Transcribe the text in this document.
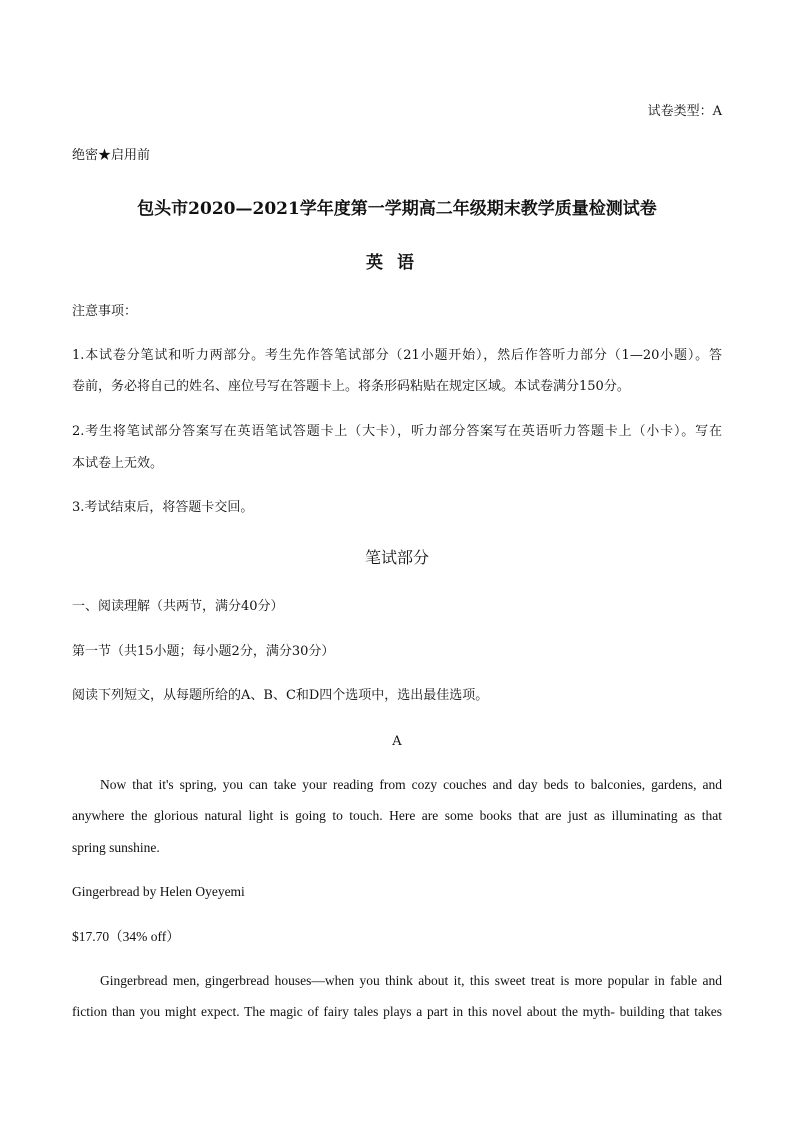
试卷类型：A
绝密★启用前
包头市2020—2021学年度第一学期高二年级期末教学质量检测试卷
英语
注意事项：
1.本试卷分笔试和听力两部分。考生先作答笔试部分（21小题开始），然后作答听力部分（1—20小题）。答
卷前，务必将自己的姓名、座位号写在答题卡上。将条形码粘贴在规定区域。本试卷满分150分。
2.考生将笔试部分答案写在英语笔试答题卡上（大卡），听力部分答案写在英语听力答题卡上（小卡）。写在
本试卷上无效。
3.考试结束后，将答题卡交回。
笔试部分
一、阅读理解（共两节，满分40分）
第一节（共15小题；每小题2分，满分30分）
阅读下列短文，从每题所给的A、B、C和D四个选项中，选出最佳选项。
A
Now that it's spring, you can take your reading from cozy couches and day beds to balconies, gardens, and
anywhere the glorious natural light is going to touch. Here are some books that are just as illuminating as that
spring sunshine.
Gingerbread by Helen Oyeyemi
$17.70（34% off）
Gingerbread men, gingerbread houses—when you think about it, this sweet treat is more popular in fable and
fiction than you might expect. The magic of fairy tales plays a part in this novel about the myth- building that takes
